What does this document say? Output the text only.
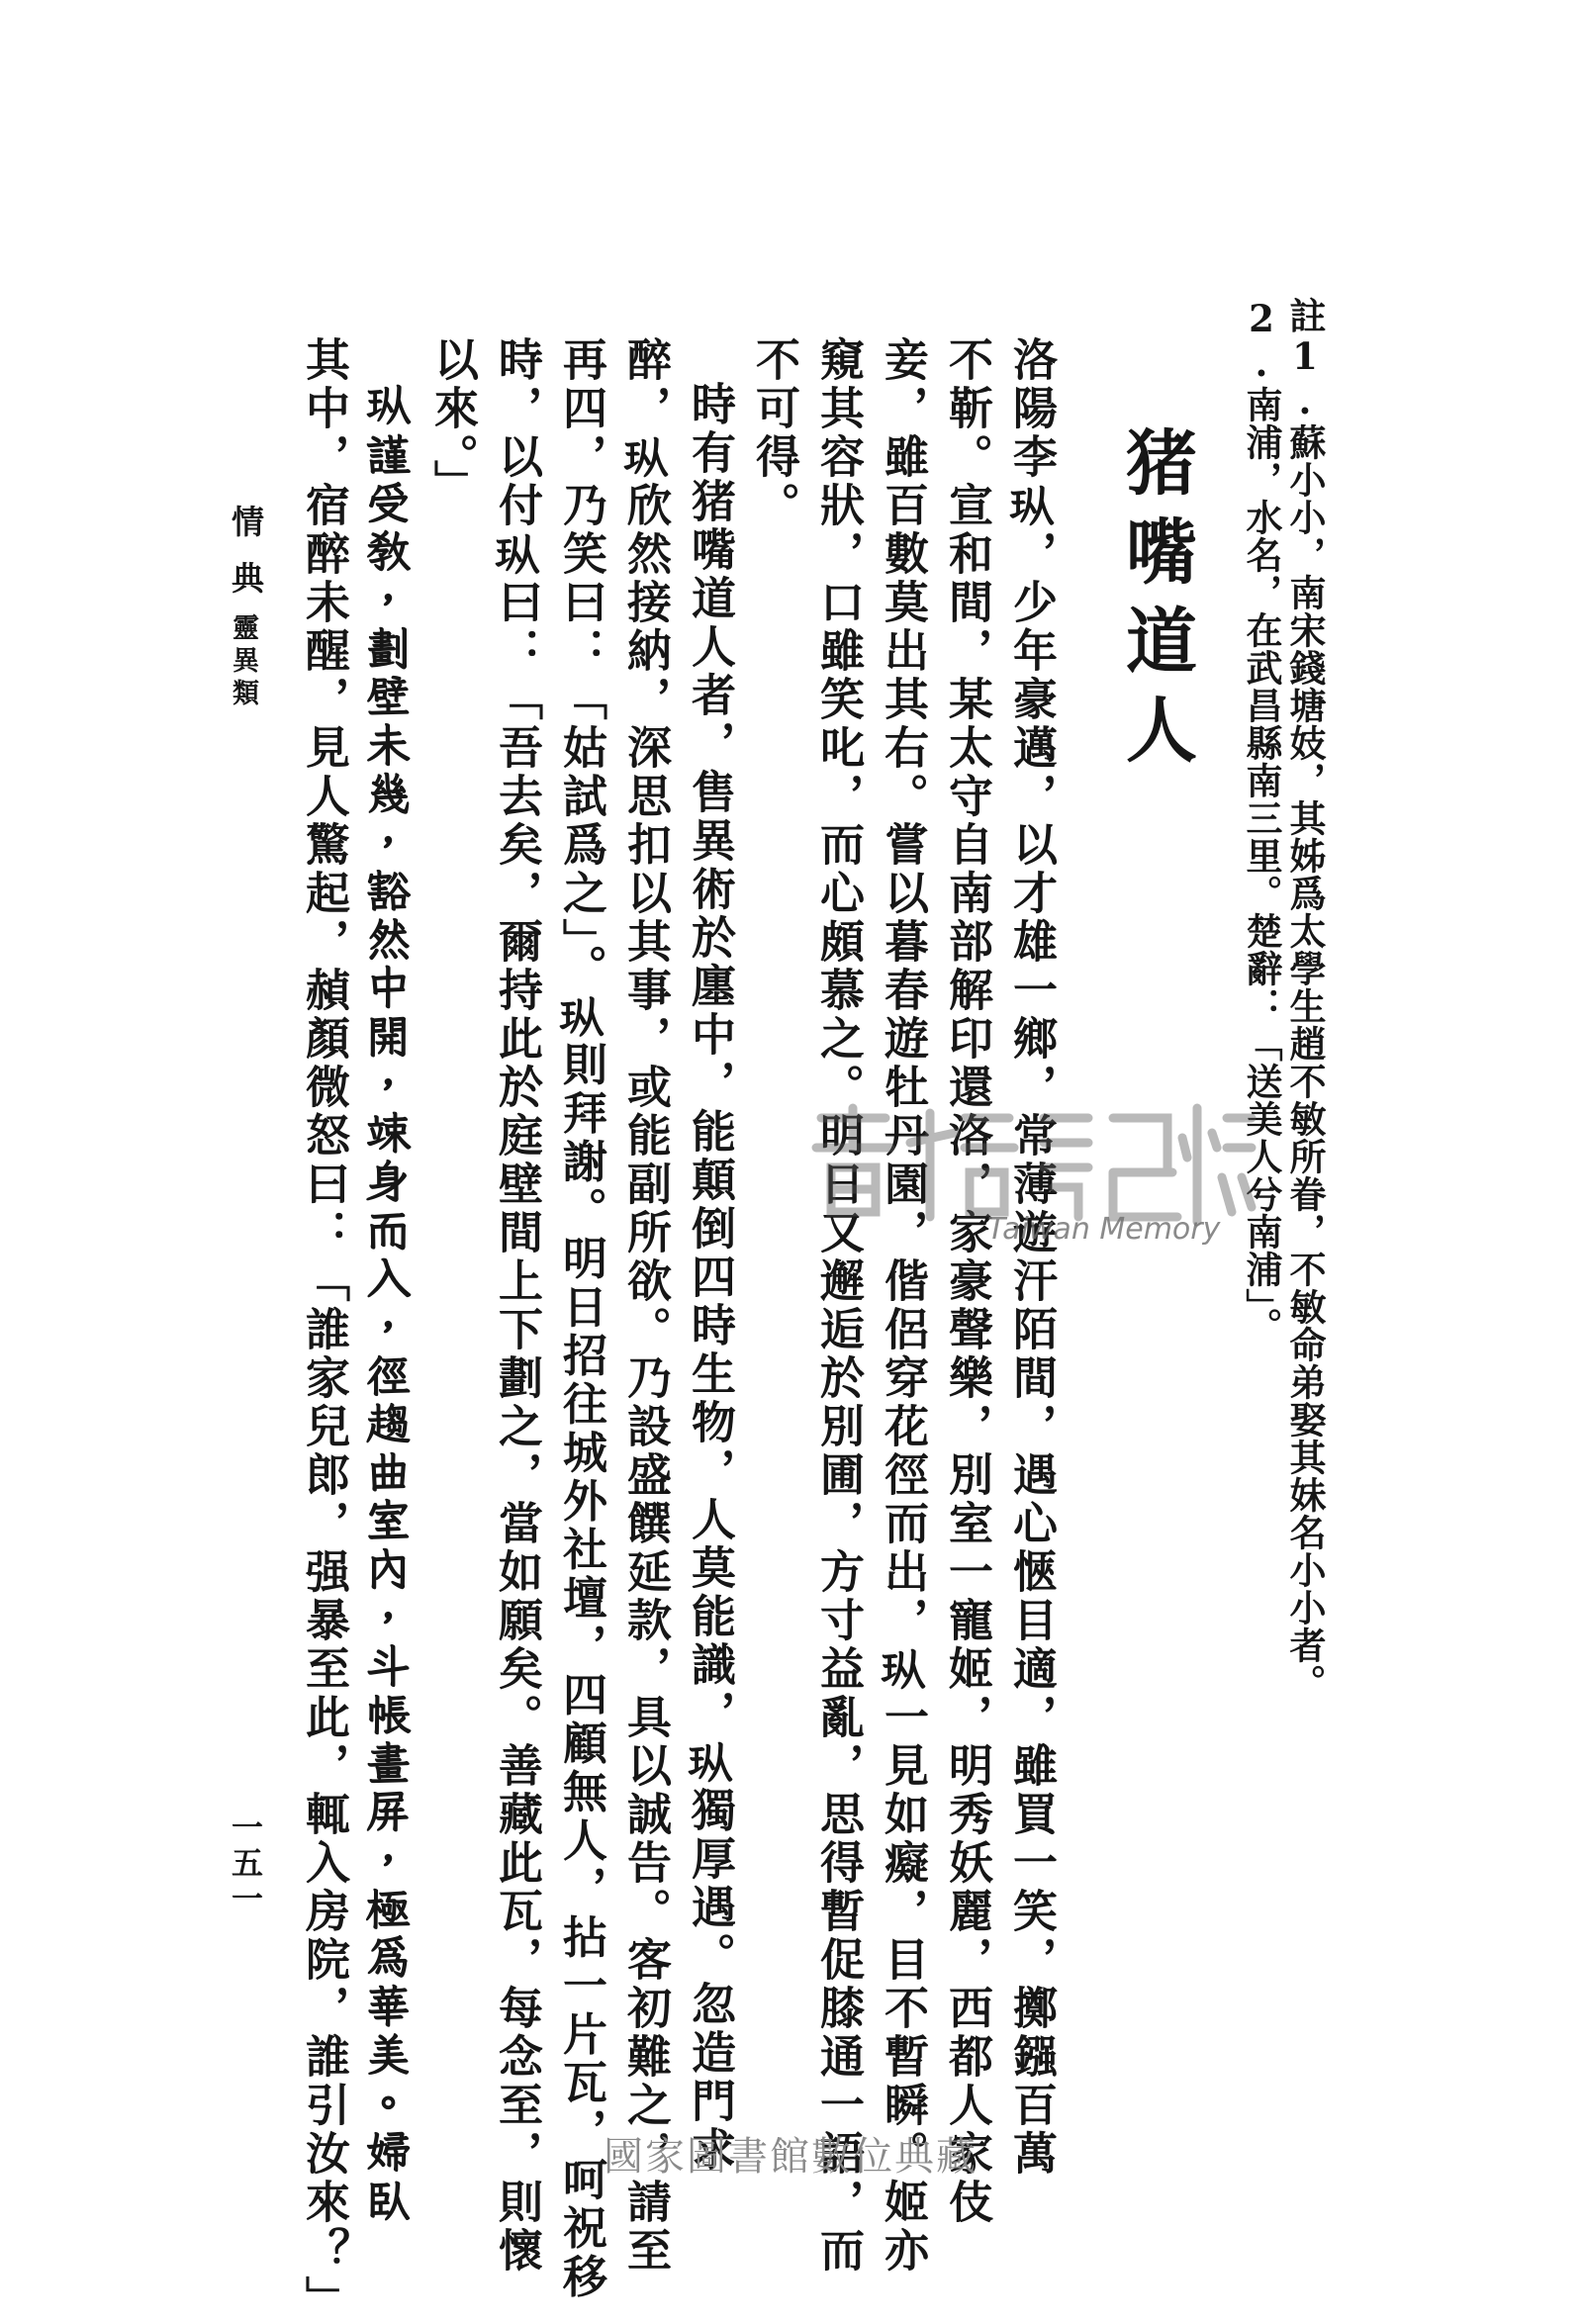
註1.蘇小小，南宋錢塘妓，其姊爲太學生趙不敏所眷，不敏命弟娶其妹名小小者。
2.南浦，水名，在武昌縣南三里。楚辭：「送美人兮南浦」。
猪嘴道人
洛陽李𪻐，少年豪邁，以才雄一鄉，常薄遊汗陌間，遇心愜目適，雖買一笑，擲鏹百萬
不靳。宣和間，某太守自南部解印還洛，家豪聲樂，別室一寵姬，明秀妖麗，西都人家伎
妾，雖百數莫出其右。嘗以暮春遊牡丹園，偕侶穿花徑而出，𪻐一見如癡，目不暫瞬。姬亦
窺其容狀，口雖笑叱，而心頗慕之。明日又邂逅於別圃，方寸益亂，思得暫促膝通一語，而
不可得。
時有猪嘴道人者，售異術於廛中，能顛倒四時生物，人莫能識，𪻐獨厚遇。忽造門求
醉，𪻐欣然接納，深思扣以其事，或能副所欲。乃設盛饌延款，具以誠告。客初難之，請至
再四，乃笑曰：「姑試爲之」。𪻐則拜謝。明日招往城外社壇，四顧無人，拈一片瓦，呵祝移
時，以付𪻐曰：「吾去矣，爾持此於庭壁間上下劃之，當如願矣。善藏此瓦，每念至，則懷
以來。」
𪻐謹受教，劃壁未幾，豁然中開，竦身而入，徑趨曲室內，斗帳畫屏，極爲華美。婦臥
其中，宿醉未醒，見人驚起，赬顏微怒曰：「誰家兒郎，强暴至此，輒入房院，誰引汝來？」
情典
靈異類
一五一
Taiwan Memory
國家圖書館數位典藏
